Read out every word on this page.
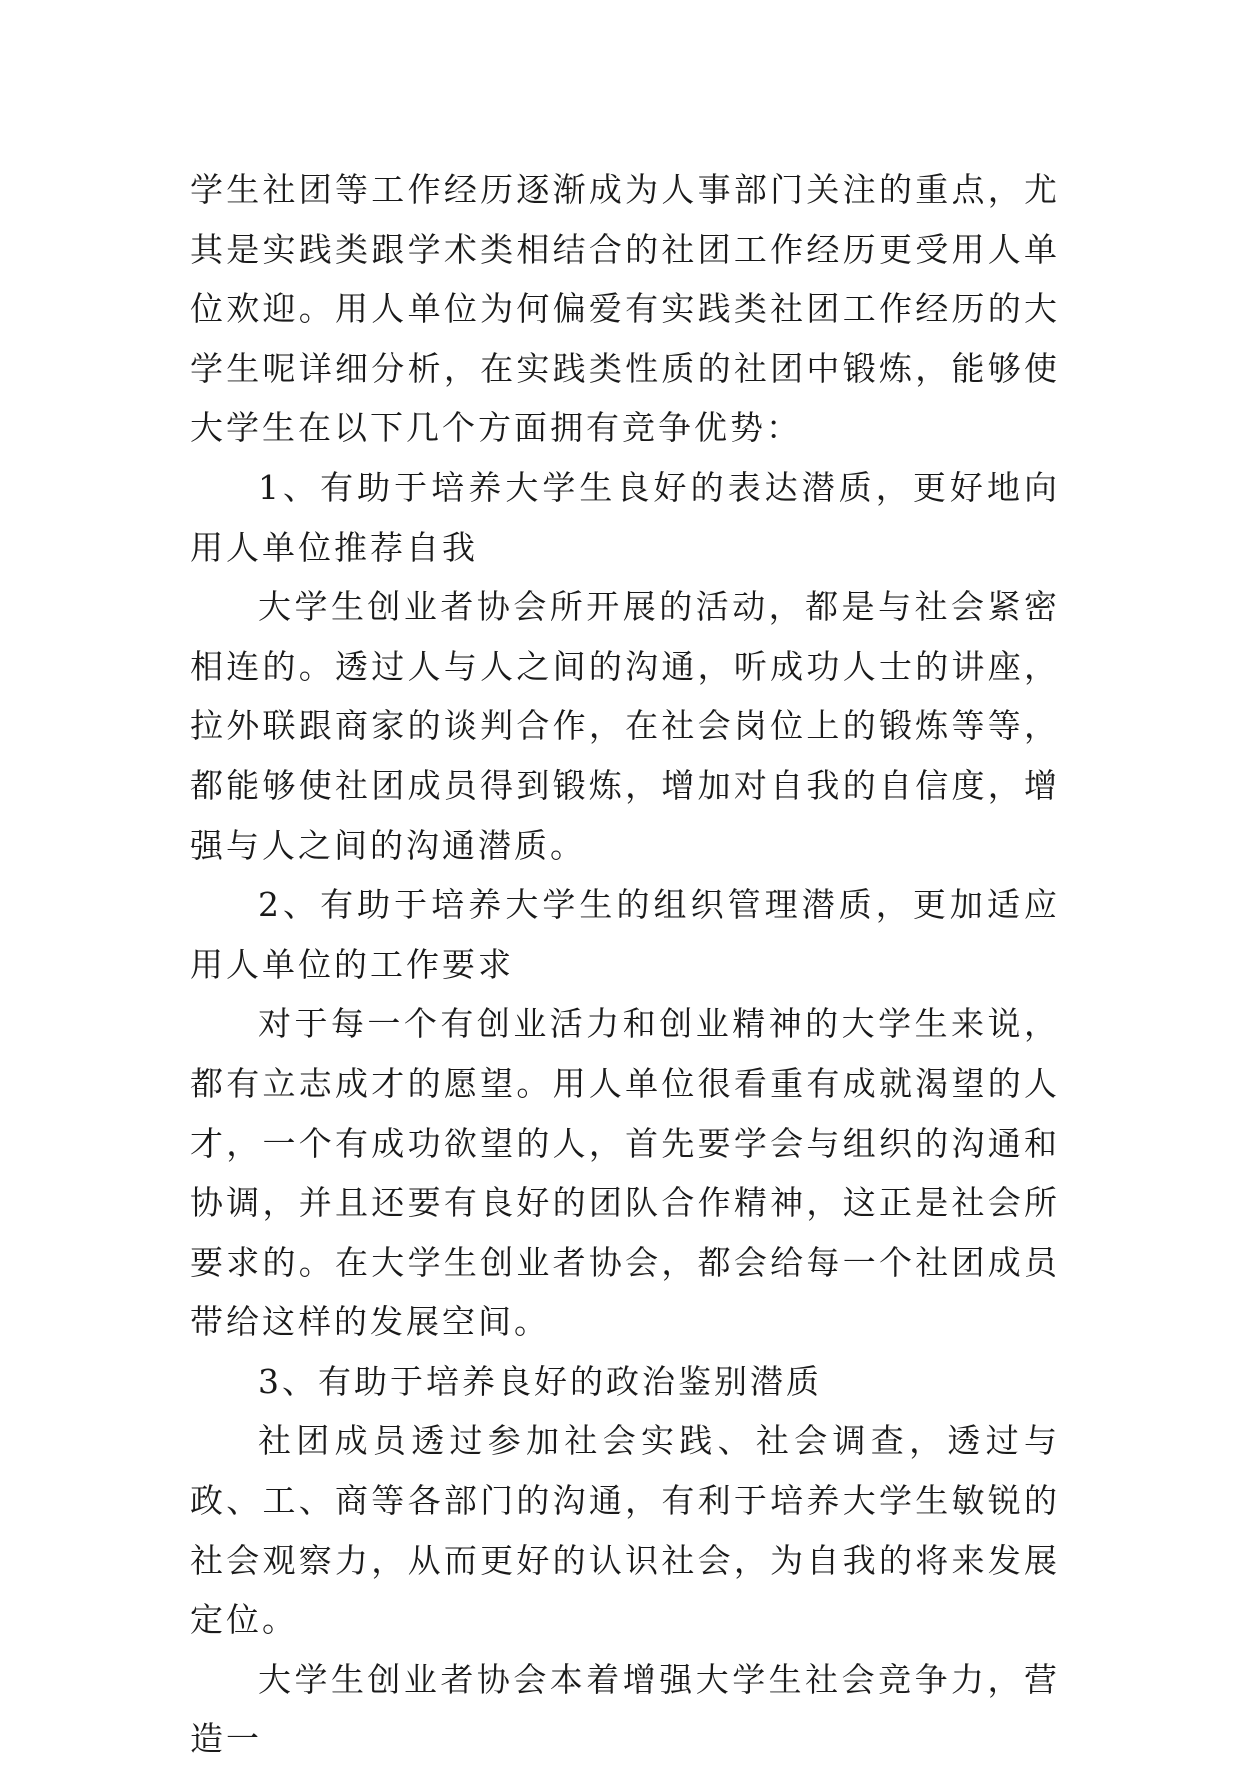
学生社团等工作经历逐渐成为人事部门关注的重点，尤其是实践类跟学术类相结合的社团工作经历更受用人单位欢迎。用人单位为何偏爱有实践类社团工作经历的大学生呢详细分析，在实践类性质的社团中锻炼，能够使大学生在以下几个方面拥有竞争优势：

1、有助于培养大学生良好的表达潜质，更好地向用人单位推荐自我

大学生创业者协会所开展的活动，都是与社会紧密相连的。透过人与人之间的沟通，听成功人士的讲座，拉外联跟商家的谈判合作，在社会岗位上的锻炼等等，都能够使社团成员得到锻炼，增加对自我的自信度，增强与人之间的沟通潜质。

2、有助于培养大学生的组织管理潜质，更加适应用人单位的工作要求

对于每一个有创业活力和创业精神的大学生来说，都有立志成才的愿望。用人单位很看重有成就渴望的人才，一个有成功欲望的人，首先要学会与组织的沟通和协调，并且还要有良好的团队合作精神，这正是社会所要求的。在大学生创业者协会，都会给每一个社团成员带给这样的发展空间。

3、有助于培养良好的政治鉴别潜质

社团成员透过参加社会实践、社会调查，透过与政、工、商等各部门的沟通，有利于培养大学生敏锐的社会观察力，从而更好的认识社会，为自我的将来发展定位。

大学生创业者协会本着增强大学生社会竞争力，营造一
